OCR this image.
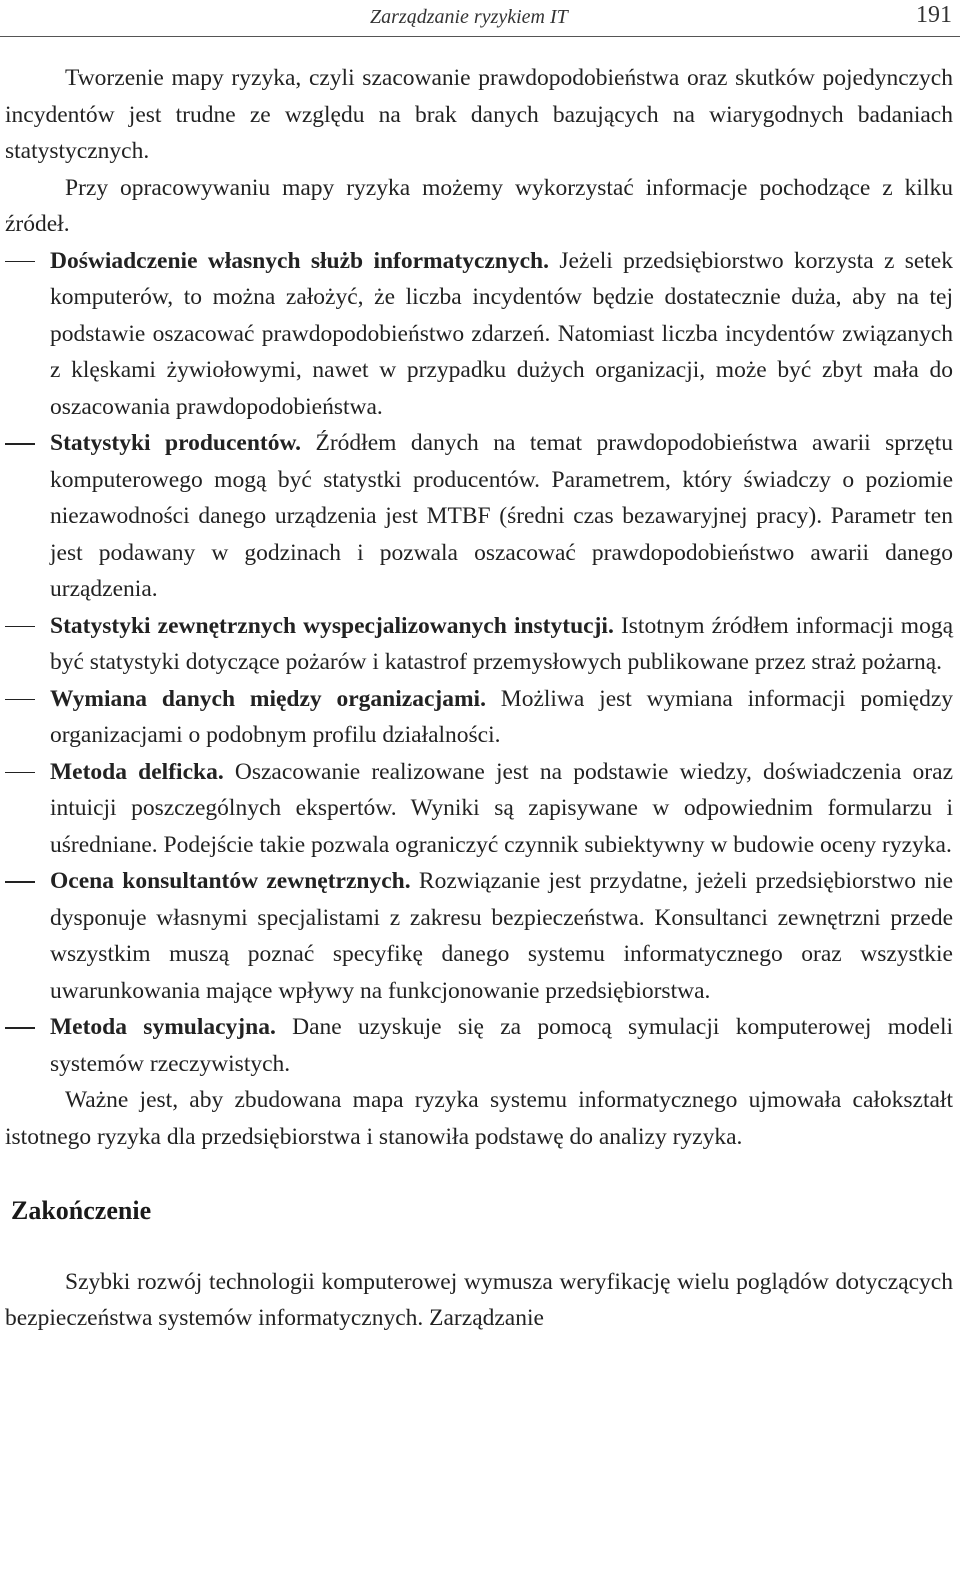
Zarządzanie ryzykiem IT	191

Tworzenie mapy ryzyka, czyli szacowanie prawdopodobieństwa oraz skutków pojedynczych incydentów jest trudne ze względu na brak danych bazujących na wiarygodnych badaniach statystycznych.

Przy opracowywaniu mapy ryzyka możemy wykorzystać informacje pochodzące z kilku źródeł.

Doświadczenie własnych służb informatycznych. Jeżeli przedsiębiorstwo korzysta z setek komputerów, to można założyć, że liczba incydentów będzie dostatecznie duża, aby na tej podstawie oszacować prawdopodobieństwo zdarzeń. Natomiast liczba incydentów związanych z klęskami żywiołowymi, nawet w przypadku dużych organizacji, może być zbyt mała do oszacowania prawdopodobieństwa.
Statystyki producentów. Źródłem danych na temat prawdopodobieństwa awarii sprzętu komputerowego mogą być statystki producentów. Parametrem, który świadczy o poziomie niezawodności danego urządzenia jest MTBF (średni czas bezawaryjnej pracy). Parametr ten jest podawany w godzinach i pozwala oszacować prawdopodobieństwo awarii danego urządzenia.
Statystyki zewnętrznych wyspecjalizowanych instytucji. Istotnym źródłem informacji mogą być statystyki dotyczące pożarów i katastrof przemysłowych publikowane przez straż pożarną.
Wymiana danych między organizacjami. Możliwa jest wymiana informacji pomiędzy organizacjami o podobnym profilu działalności.
Metoda delficka. Oszacowanie realizowane jest na podstawie wiedzy, doświadczenia oraz intuicji poszczególnych ekspertów. Wyniki są zapisywane w odpowiednim formularzu i uśredniane. Podejście takie pozwala ograniczyć czynnik subiektywny w budowie oceny ryzyka.
Ocena konsultantów zewnętrznych. Rozwiązanie jest przydatne, jeżeli przedsiębiorstwo nie dysponuje własnymi specjalistami z zakresu bezpieczeństwa. Konsultanci zewnętrzni przede wszystkim muszą poznać specyfikę danego systemu informatycznego oraz wszystkie uwarunkowania mające wpływy na funkcjonowanie przedsiębiorstwa.
Metoda symulacyjna. Dane uzyskuje się za pomocą symulacji komputerowej modeli systemów rzeczywistych.

Ważne jest, aby zbudowana mapa ryzyka systemu informatycznego ujmowała całokształt istotnego ryzyka dla przedsiębiorstwa i stanowiła podstawę do analizy ryzyka.

Zakończenie

Szybki rozwój technologii komputerowej wymusza weryfikację wielu poglądów dotyczących bezpieczeństwa systemów informatycznych. Zarządzanie
